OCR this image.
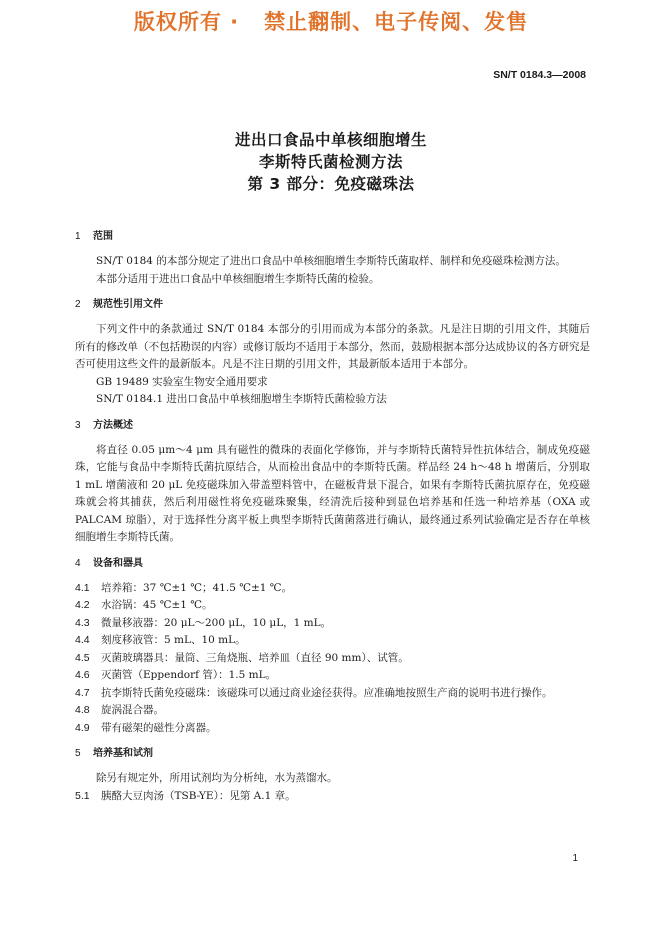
版权所有 ·   禁止翻制、电子传阅、发售
SN/T 0184.3—2008
进出口食品中单核细胞增生
李斯特氏菌检测方法
第 3 部分：免疫磁珠法
1 范围

SN/T 0184 的本部分规定了进出口食品中单核细胞增生李斯特氏菌取样、制样和免疫磁珠检测方法。

本部分适用于进出口食品中单核细胞增生李斯特氏菌的检验。

2 规范性引用文件

下列文件中的条款通过 SN/T 0184 本部分的引用而成为本部分的条款。凡是注日期的引用文件，其随后所有的修改单（不包括勘误的内容）或修订版均不适用于本部分，然而，鼓励根据本部分达成协议的各方研究是否可使用这些文件的最新版本。凡是不注日期的引用文件，其最新版本适用于本部分。

GB 19489 实验室生物安全通用要求

SN/T 0184.1 进出口食品中单核细胞增生李斯特氏菌检验方法

3 方法概述

将直径 0.05 μm～4 μm 具有磁性的微珠的表面化学修饰，并与李斯特氏菌特异性抗体结合，制成免疫磁珠，它能与食品中李斯特氏菌抗原结合，从而检出食品中的李斯特氏菌。样品经 24 h～48 h 增菌后，分别取 1 mL 增菌液和 20 μL 免疫磁珠加入带盖塑料管中，在磁板背景下混合，如果有李斯特氏菌抗原存在，免疫磁珠就会将其捕获，然后利用磁性将免疫磁珠聚集，经清洗后接种到显色培养基和任选一种培养基（OXA 或 PALCAM 琼脂），对于选择性分离平板上典型李斯特氏菌菌落进行确认，最终通过系列试验确定是否存在单核细胞增生李斯特氏菌。

4 设备和器具

4.1 培养箱：37 ℃±1 ℃；41.5 ℃±1 ℃。

4.2 水浴锅：45 ℃±1 ℃。

4.3 微量移液器：20 μL～200 μL，10 μL，1 mL。

4.4 刻度移液管：5 mL、10 mL。

4.5 灭菌玻璃器具：量筒、三角烧瓶、培养皿（直径 90 mm）、试管。

4.6 灭菌管（Eppendorf 管）：1.5 mL。

4.7 抗李斯特氏菌免疫磁珠：该磁珠可以通过商业途径获得。应准确地按照生产商的说明书进行操作。

4.8 旋涡混合器。

4.9 带有磁架的磁性分离器。

5 培养基和试剂

除另有规定外，所用试剂均为分析纯，水为蒸馏水。

5.1 胰酪大豆肉汤（TSB-YE）：见第 A.1 章。

1
